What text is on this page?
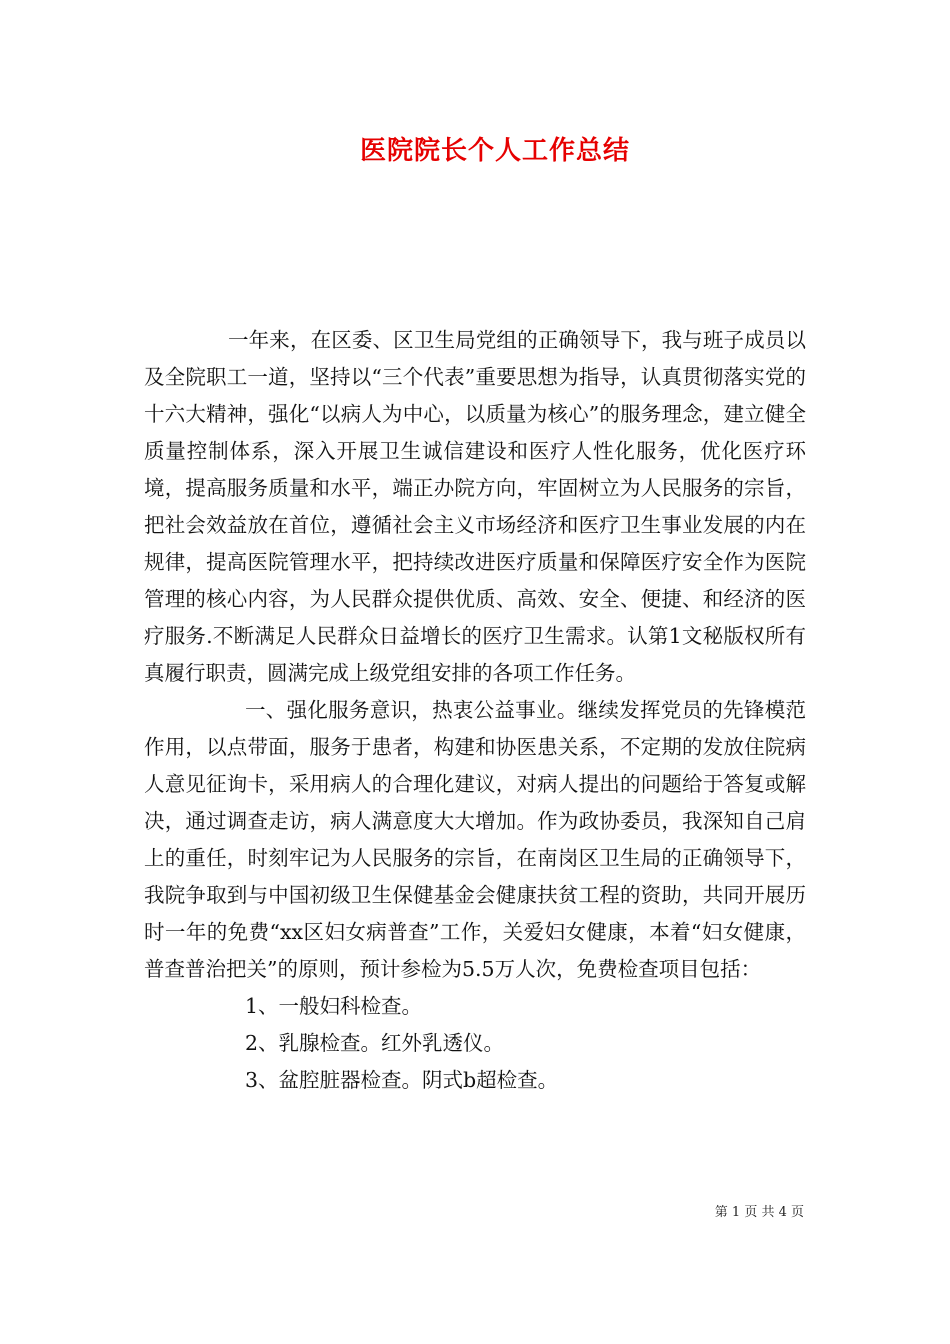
医院院长个人工作总结

一年来，在区委、区卫生局党组的正确领导下，我与班子成员以及全院职工一道，坚持以“三个代表”重要思想为指导，认真贯彻落实党的十六大精神，强化“以病人为中心，以质量为核心”的服务理念，建立健全质量控制体系，深入开展卫生诚信建设和医疗人性化服务，优化医疗环境，提高服务质量和水平，端正办院方向，牢固树立为人民服务的宗旨，把社会效益放在首位，遵循社会主义市场经济和医疗卫生事业发展的内在规律，提高医院管理水平，把持续改进医疗质量和保障医疗安全作为医院管理的核心内容，为人民群众提供优质、高效、安全、便捷、和经济的医疗服务.不断满足人民群众日益增长的医疗卫生需求。认第1文秘版权所有真履行职责，圆满完成上级党组安排的各项工作任务。

一、强化服务意识，热衷公益事业。继续发挥党员的先锋模范作用，以点带面，服务于患者，构建和协医患关系，不定期的发放住院病人意见征询卡，采用病人的合理化建议，对病人提出的问题给于答复或解决，通过调查走访，病人满意度大大增加。作为政协委员，我深知自己肩上的重任，时刻牢记为人民服务的宗旨，在南岗区卫生局的正确领导下，我院争取到与中国初级卫生保健基金会健康扶贫工程的资助，共同开展历时一年的免费“xx区妇女病普查”工作，关爱妇女健康，本着“妇女健康，普查普治把关”的原则，预计参检为5.5万人次，免费检查项目包括：

1、一般妇科检查。

2、乳腺检查。红外乳透仪。

3、盆腔脏器检查。阴式b超检查。

第 1 页 共 4 页
